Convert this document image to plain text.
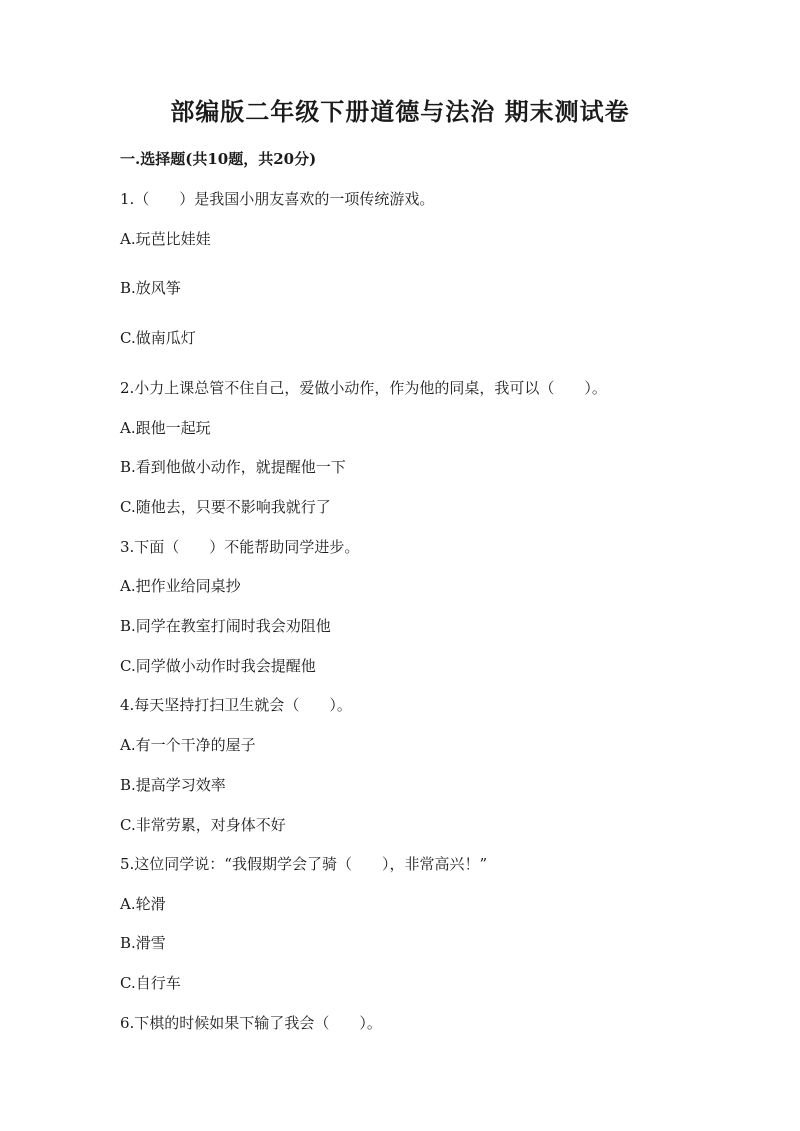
部编版二年级下册道德与法治 期末测试卷
一.选择题(共10题，共20分)
1.（　　）是我国小朋友喜欢的一项传统游戏。
A.玩芭比娃娃
B.放风筝
C.做南瓜灯
2.小力上课总管不住自己，爱做小动作，作为他的同桌，我可以（　　）。
A.跟他一起玩
B.看到他做小动作，就提醒他一下
C.随他去，只要不影响我就行了
3.下面（　　）不能帮助同学进步。
A.把作业给同桌抄
B.同学在教室打闹时我会劝阻他
C.同学做小动作时我会提醒他
4.每天坚持打扫卫生就会（　　）。
A.有一个干净的屋子
B.提高学习效率
C.非常劳累，对身体不好
5.这位同学说：“我假期学会了骑（　　），非常高兴！”
A.轮滑
B.滑雪
C.自行车
6.下棋的时候如果下输了我会（　　）。
